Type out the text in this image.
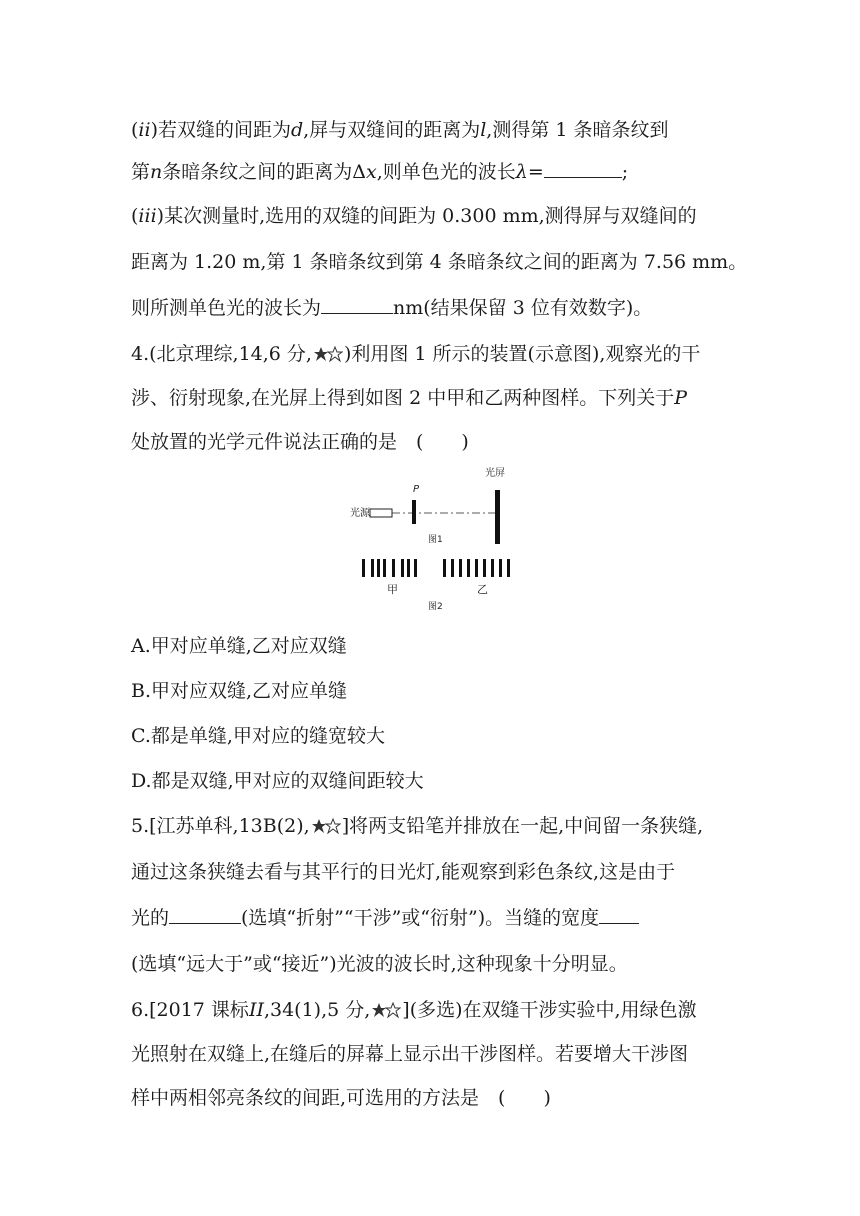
(ii)若双缝的间距为d,屏与双缝间的距离为l,测得第 1 条暗条纹到
第n条暗条纹之间的距离为Δx,则单色光的波长λ=	;
(iii)某次测量时,选用的双缝的间距为 0.300 mm,测得屏与双缝间的
距离为 1.20 m,第 1 条暗条纹到第 4 条暗条纹之间的距离为 7.56 mm。
则所测单色光的波长为	nm(结果保留 3 位有效数字)。
4.(北京理综,14,6 分, )利用图 1 所示的装置(示意图),观察光的干
涉、衍射现象,在光屏上得到如图 2 中甲和乙两种图样。下列关于P
处放置的光学元件说法正确的是　(　　)
光源
P
光屏
图1
甲	乙
图2
A.甲对应单缝,乙对应双缝
B.甲对应双缝,乙对应单缝
C.都是单缝,甲对应的缝宽较大
D.都是双缝,甲对应的双缝间距较大
5.[江苏单科,13B(2), ]将两支铅笔并排放在一起,中间留一条狭缝,
通过这条狭缝去看与其平行的日光灯,能观察到彩色条纹,这是由于
光的	(选填“折射”“干涉”或“衍射”)。当缝的宽度
(选填“远大于”或“接近”)光波的波长时,这种现象十分明显。
6.[2017 课标II,34(1),5 分, ](多选)在双缝干涉实验中,用绿色激
光照射在双缝上,在缝后的屏幕上显示出干涉图样。若要增大干涉图
样中两相邻亮条纹的间距,可选用的方法是　(　　)
